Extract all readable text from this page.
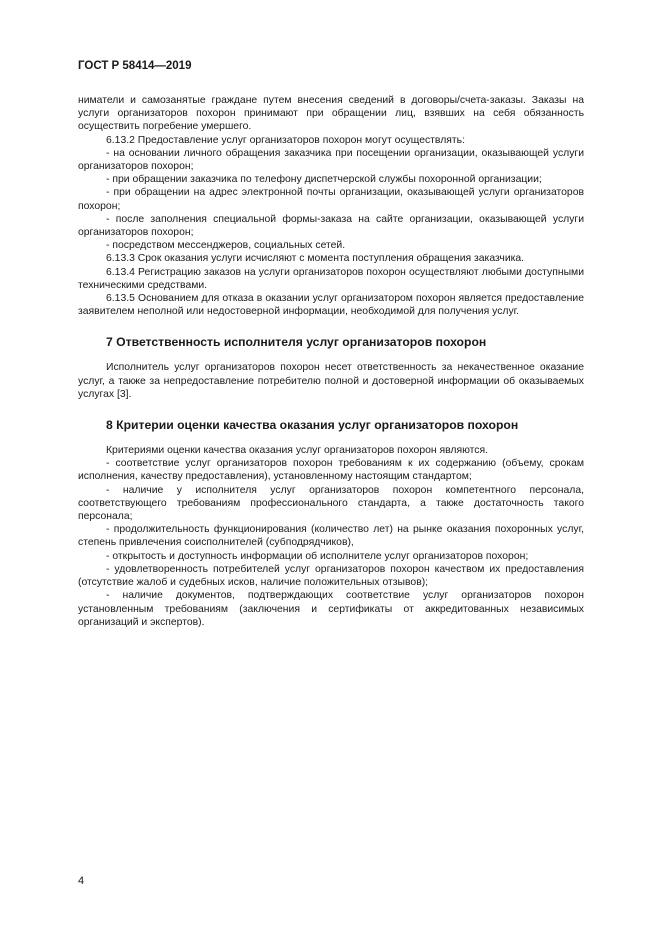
ГОСТ Р 58414—2019

ниматели и самозанятые граждане путем внесения сведений в договоры/счета-заказы. Заказы на услуги организаторов похорон принимают при обращении лиц, взявших на себя обязанность осуществить погребение умершего.

6.13.2 Предоставление услуг организаторов похорон могут осуществлять:

- на основании личного обращения заказчика при посещении организации, оказывающей услуги организаторов похорон;

- при обращении заказчика по телефону диспетчерской службы похоронной организации;

- при обращении на адрес электронной почты организации, оказывающей услуги организаторов похорон;

- после заполнения специальной формы-заказа на сайте организации, оказывающей услуги организаторов похорон;

- посредством мессенджеров, социальных сетей.

6.13.3 Срок оказания услуги исчисляют с момента поступления обращения заказчика.

6.13.4 Регистрацию заказов на услуги организаторов похорон осуществляют любыми доступными техническими средствами.

6.13.5 Основанием для отказа в оказании услуг организатором похорон является предоставление заявителем неполной или недостоверной информации, необходимой для получения услуг.

7 Ответственность исполнителя услуг организаторов похорон

Исполнитель услуг организаторов похорон несет ответственность за некачественное оказание услуг, а также за непредоставление потребителю полной и достоверной информации об оказываемых услугах [3].

8 Критерии оценки качества оказания услуг организаторов похорон

Критериями оценки качества оказания услуг организаторов похорон являются.

- соответствие услуг организаторов похорон требованиям к их содержанию (объему, срокам исполнения, качеству предоставления), установленному настоящим стандартом;

- наличие у исполнителя услуг организаторов похорон компетентного персонала, соответствующего требованиям профессионального стандарта, а также достаточность такого персонала;

- продолжительность функционирования (количество лет) на рынке оказания похоронных услуг, степень привлечения соисполнителей (субподрядчиков),

- открытость и доступность информации об исполнителе услуг организаторов похорон;

- удовлетворенность потребителей услуг организаторов похорон качеством их предоставления (отсутствие жалоб и судебных исков, наличие положительных отзывов);

- наличие документов, подтверждающих соответствие услуг организаторов похорон установленным требованиям (заключения и сертификаты от аккредитованных независимых организаций и экспертов).

4
